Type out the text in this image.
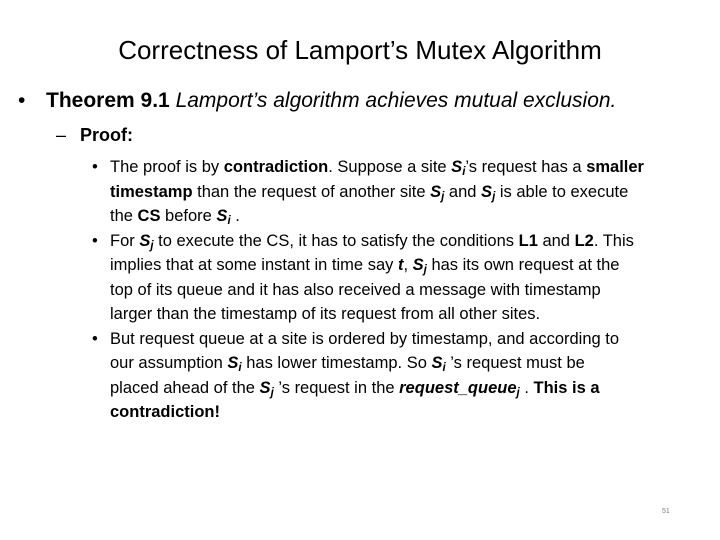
Correctness of Lamport’s Mutex Algorithm
• Theorem 9.1 Lamport’s algorithm achieves mutual exclusion.
– Proof:
• The proof is by contradiction. Suppose a site $S_i’s$ request has a smaller
timestamp than the request of another site $S_j$ and $S_j$ is able to execute
the CS before $S_i$ .
• For $S_j$ to execute the CS, it has to satisfy the conditions L1 and L2. This
implies that at some instant in time say t, $S_j$ has its own request at the
top of its queue and it has also received a message with timestamp
larger than the timestamp of its request from all other sites.
• But request queue at a site is ordered by timestamp, and according to
our assumption $S_i$ has lower timestamp. So $S_i$ ’s request must be
placed ahead of the $S_j$ ’s request in the request_queue$_j$ . This is a
contradiction!
51
